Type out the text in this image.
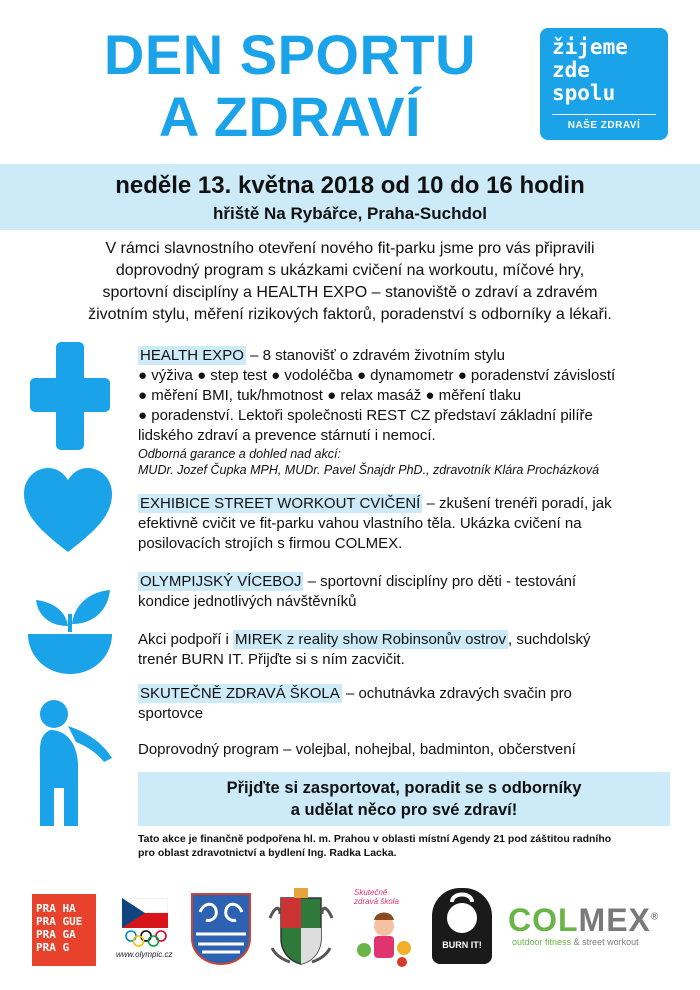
DEN SPORTU
A ZDRAVÍ
žijeme
zde
spolu
NAŠE ZDRAVÍ
neděle 13. května 2018 od 10 do 16 hodin
hřiště Na Rybářce, Praha-Suchdol
V rámci slavnostního otevření nového fit-parku jsme pro vás připravili
doprovodný program s ukázkami cvičení na workoutu, míčové hry,
sportovní disciplíny a HEALTH EXPO – stanoviště o zdraví a zdravém
životním stylu, měření rizikových faktorů, poradenství s odborníky a lékaři.
HEALTH EXPO – 8 stanovišť o zdravém životním stylu
● výživa ● step test ● vodoléčba ● dynamometr ● poradenství závislostí
● měření BMI, tuk/hmotnost ● relax masáž ● měření tlaku
● poradenství. Lektoři společnosti REST CZ představí základní pilíře
lidského zdraví a prevence stárnutí i nemocí.
Odborná garance a dohled nad akcí:
MUDr. Jozef Čupka MPH, MUDr. Pavel Šnajdr PhD., zdravotník Klára Procházková
EXHIBICE STREET WORKOUT CVIČENÍ – zkušení trenéři poradí, jak
efektivně cvičit ve fit-parku vahou vlastního těla. Ukázka cvičení na
posilovacích strojích s firmou COLMEX.
OLYMPIJSKÝ VÍCEBOJ – sportovní disciplíny pro děti - testování
kondice jednotlivých návštěvníků
Akci podpoří i MIREK z reality show Robinsonův ostrov , suchdolský
trenér BURN IT. Přijďte si s ním zacvičit.
SKUTEČNĚ ZDRAVÁ ŠKOLA – ochutnávka zdravých svačin pro
sportovce
Doprovodný program – volejbal, nohejbal, badminton, občerstvení
Přijďte si zasportovat, poradit se s odborníky
a udělat něco pro své zdraví!
Tato akce je finančně podpořena hl. m. Prahou v oblasti místní Agendy 21 pod záštitou radního
pro oblast zdravotnictví a bydlení Ing. Radka Lacka.
PRA HA
PRA GUE
PRA GA
PRA G
www.olympic.cz
Skutečně
zdravá škola
BURN IT!
COLMEX®
outdoor fitness & street workout
